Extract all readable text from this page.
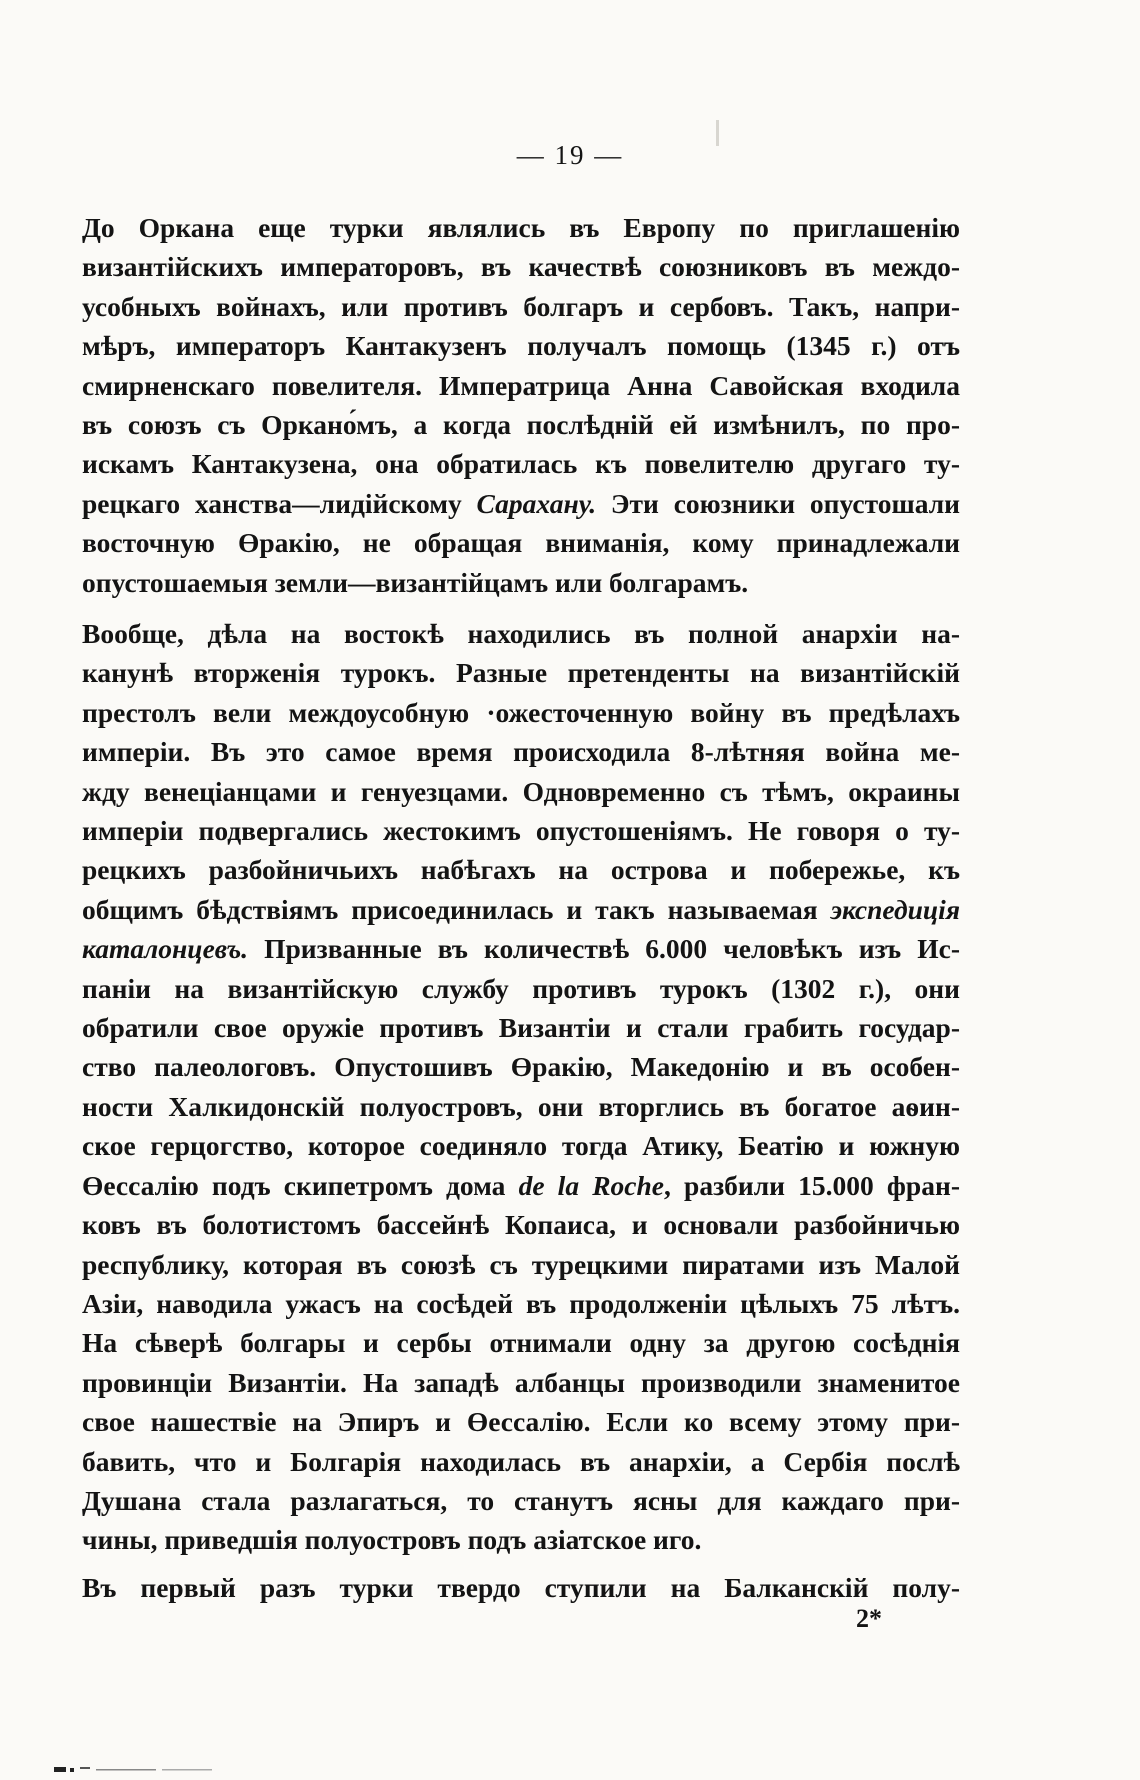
— 19 —
До Оркана еще турки являлись въ Европу по приглашенію
византійскихъ императоровъ, въ качествѣ союзниковъ въ междо-
усобныхъ войнахъ, или противъ болгаръ и сербовъ. Такъ, напри-
мѣръ, императоръ Кантакузенъ получалъ помощь (1345 г.) отъ
смирненскаго повелителя. Императрица Анна Савойская входила
въ союзъ съ Оркано́мъ, а когда послѣдній ей измѣнилъ, по про-
искамъ Кантакузена, она обратилась къ повелителю другаго ту-
рецкаго ханства—лидійскому Сарахану. Эти союзники опустошали
восточную Өракію, не обращая вниманія, кому принадлежали
опустошаемыя земли—византійцамъ или болгарамъ.
Вообще, дѣла на востокѣ находились въ полной анархіи на-
канунѣ вторженія турокъ. Разные претенденты на византійскій
престолъ вели междоусобную ·ожесточенную войну въ предѣлахъ
имперіи. Въ это самое время происходила 8-лѣтняя война ме-
жду венеціанцами и генуезцами. Одновременно съ тѣмъ, окраины
имперіи подвергались жестокимъ опустошеніямъ. Не говоря о ту-
рецкихъ разбойничьихъ набѣгахъ на острова и побережье, къ
общимъ бѣдствіямъ присоединилась и такъ называемая экспедиція
каталонцевъ. Призванные въ количествѣ 6.000 человѣкъ изъ Ис-
паніи на византійскую службу противъ турокъ (1302 г.), они
обратили свое оружіе противъ Византіи и стали грабить государ-
ство палеологовъ. Опустошивъ Өракію, Македонію и въ особен-
ности Халкидонскій полуостровъ, они вторглись въ богатое аѳин-
ское герцогство, которое соединяло тогда Атику, Беатію и южную
Өессалію подъ скипетромъ дома de la Roche, разбили 15.000 фран-
ковъ въ болотистомъ бассейнѣ Копаиса, и основали разбойничью
республику, которая въ союзѣ съ турецкими пиратами изъ Малой
Азіи, наводила ужасъ на сосѣдей въ продолженіи цѣлыхъ 75 лѣтъ.
На сѣверѣ болгары и сербы отнимали одну за другою сосѣднія
провинціи Византіи. На западѣ албанцы производили знаменитое
свое нашествіе на Эпиръ и Өессалію. Если ко всему этому при-
бавить, что и Болгарія находилась въ анархіи, а Сербія послѣ
Душана стала разлагаться, то станутъ ясны для каждаго при-
чины, приведшія полуостровъ подъ азіатское иго.
Въ первый разъ турки твердо ступили на Балканскій полу-
2*
